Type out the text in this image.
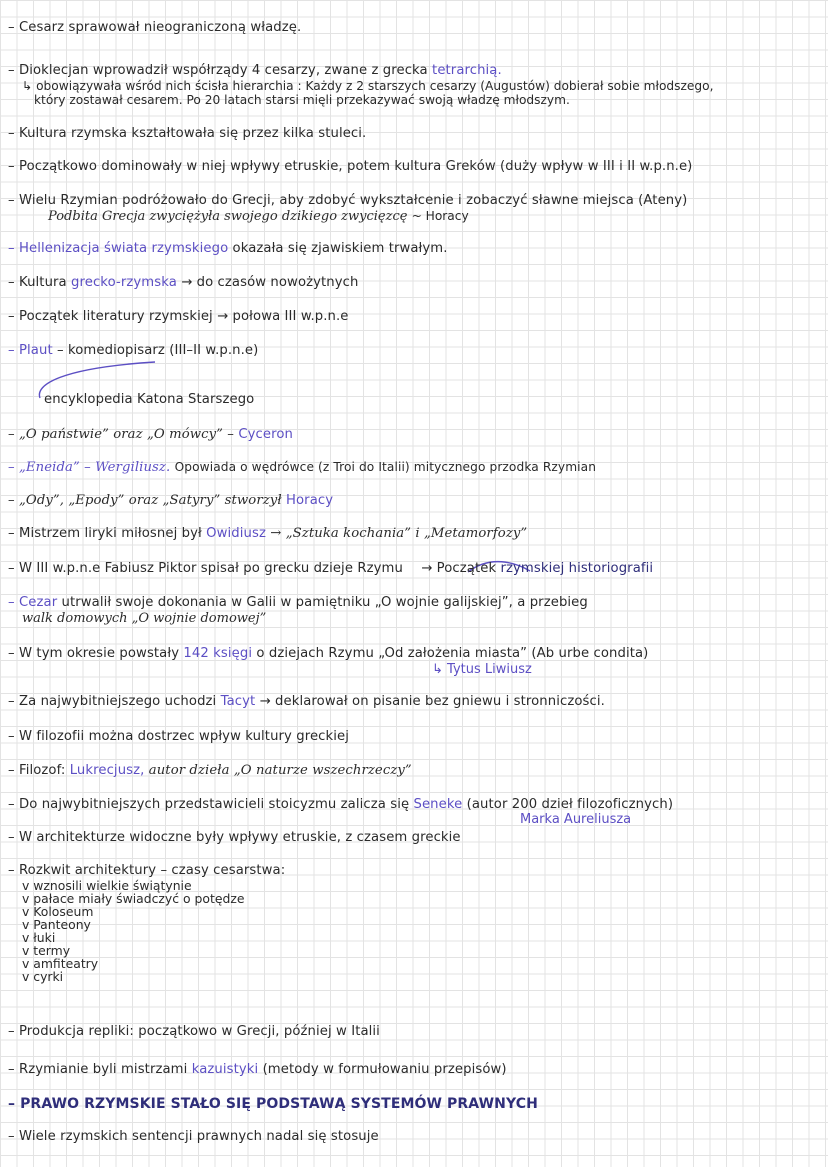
– Cesarz sprawował nieograniczoną władzę.
– Dioklecjan wprowadził współrządy 4 cesarzy, zwane z grecka tetrarchią.
↳ obowiązywała wśród nich ścisła hierarchia : Każdy z 2 starszych cesarzy (Augustów) dobierał sobie młodszego,
który zostawał cesarem. Po 20 latach starsi mięli przekazywać swoją władzę młodszym.
– Kultura rzymska kształtowała się przez kilka stuleci.
– Początkowo dominowały w niej wpływy etruskie, potem kultura Greków (duży wpływ w III i II w.p.n.e)
– Wielu Rzymian podróżowało do Grecji, aby zdobyć wykształcenie i zobaczyć sławne miejsca (Ateny)
Podbita Grecja zwyciężyła swojego dzikiego zwycięzcę ~ Horacy
– Hellenizacja świata rzymskiego okazała się zjawiskiem trwałym.
– Kultura grecko-rzymska → do czasów nowożytnych
– Początek literatury rzymskiej → połowa III w.p.n.e
– Plaut – komediopisarz (III–II w.p.n.e)
encyklopedia Katona Starszego
– „O państwie” oraz „O mówcy” – Cyceron
– „Eneida” – Wergiliusz. Opowiada o wędrówce (z Troi do Italii) mitycznego przodka Rzymian
– „Ody”, „Epody” oraz „Satyry” stworzył Horacy
– Mistrzem liryki miłosnej był Owidiusz → „Sztuka kochania” i „Metamorfozy”
– W III w.p.n.e Fabiusz Piktor spisał po grecku dzieje Rzymu → Początek rzymskiej historiografii
– Cezar utrwalił swoje dokonania w Galii w pamiętniku „O wojnie galijskiej”, a przebieg
walk domowych „O wojnie domowej”
– W tym okresie powstały 142 księgi o dziejach Rzymu „Od założenia miasta” (Ab urbe condita)
↳ Tytus Liwiusz
– Za najwybitniejszego uchodzi Tacyt → deklarował on pisanie bez gniewu i stronniczości.
– W filozofii można dostrzec wpływ kultury greckiej
– Filozof: Lukrecjusz, autor dzieła „O naturze wszechrzeczy”
– Do najwybitniejszych przedstawicieli stoicyzmu zalicza się Seneke (autor 200 dzieł filozoficznych)
Marka Aureliusza
– W architekturze widoczne były wpływy etruskie, z czasem greckie
– Rozkwit architektury – czasy cesarstwa:
v wznosili wielkie świątynie
v pałace miały świadczyć o potędze
v Koloseum
v Panteony
v łuki
v termy
v amfiteatry
v cyrki
– Produkcja repliki: początkowo w Grecji, później w Italii
– Rzymianie byli mistrzami kazuistyki (metody w formułowaniu przepisów)
– PRAWO RZYMSKIE STAŁO SIĘ PODSTAWĄ SYSTEMÓW PRAWNYCH
– Wiele rzymskich sentencji prawnych nadal się stosuje
